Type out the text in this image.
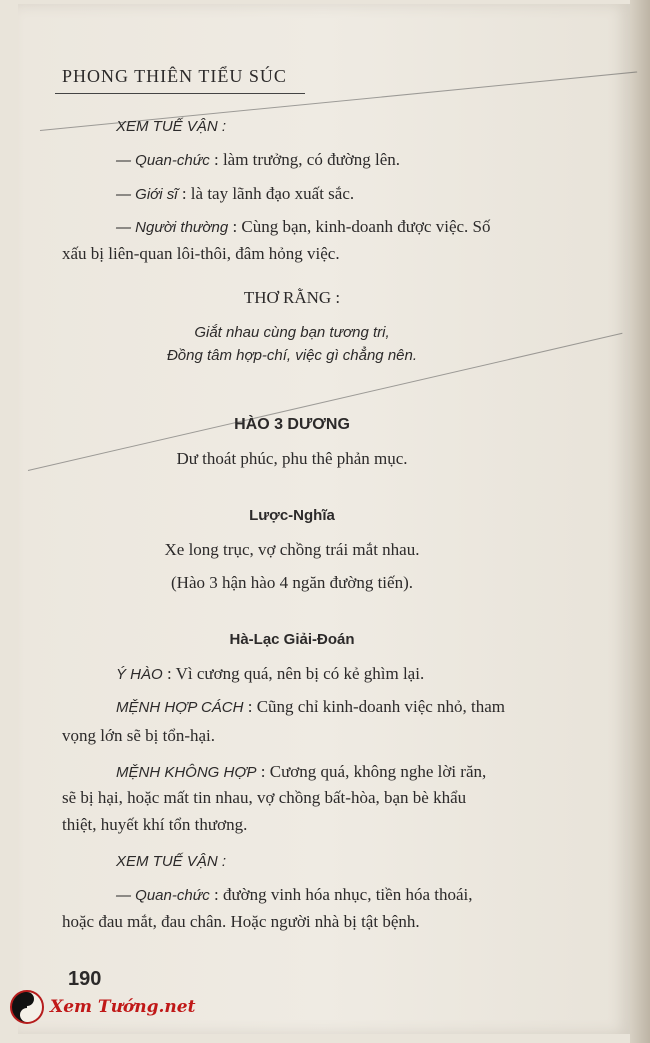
PHONG THIÊN TIỂU SÚC
XEM TUẾ VẬN :
— Quan-chức : làm trưởng, có đường lên.
— Giới sĩ : là tay lãnh đạo xuất sắc.
— Người thường : Cùng bạn, kinh-doanh được việc. Số
xấu bị liên-quan lôi-thôi, đâm hỏng việc.
THƠ RẰNG :
Giắt nhau cùng bạn tương tri,
Đồng tâm hợp-chí, việc gì chẳng nên.
HÀO 3 DƯƠNG
Dư thoát phúc, phu thê phản mục.
Lược-Nghĩa
Xe long trục, vợ chồng trái mắt nhau.
(Hào 3 hận hào 4 ngăn đường tiến).
Hà-Lạc Giải-Đoán
Ý HÀO : Vì cương quá, nên bị có kẻ ghìm lại.
MỆNH HỢP CÁCH : Cũng chỉ kinh-doanh việc nhỏ, tham
vọng lớn sẽ bị tổn-hại.
MỆNH KHÔNG HỢP : Cương quá, không nghe lời răn,
sẽ bị hại, hoặc mất tin nhau, vợ chồng bất-hòa, bạn bè khẩu
thiệt, huyết khí tổn thương.
XEM TUẾ VẬN :
— Quan-chức : đường vinh hóa nhục, tiền hóa thoái,
hoặc đau mắt, đau chân. Hoặc người nhà bị tật bệnh.
190
Xem Tướng.net
